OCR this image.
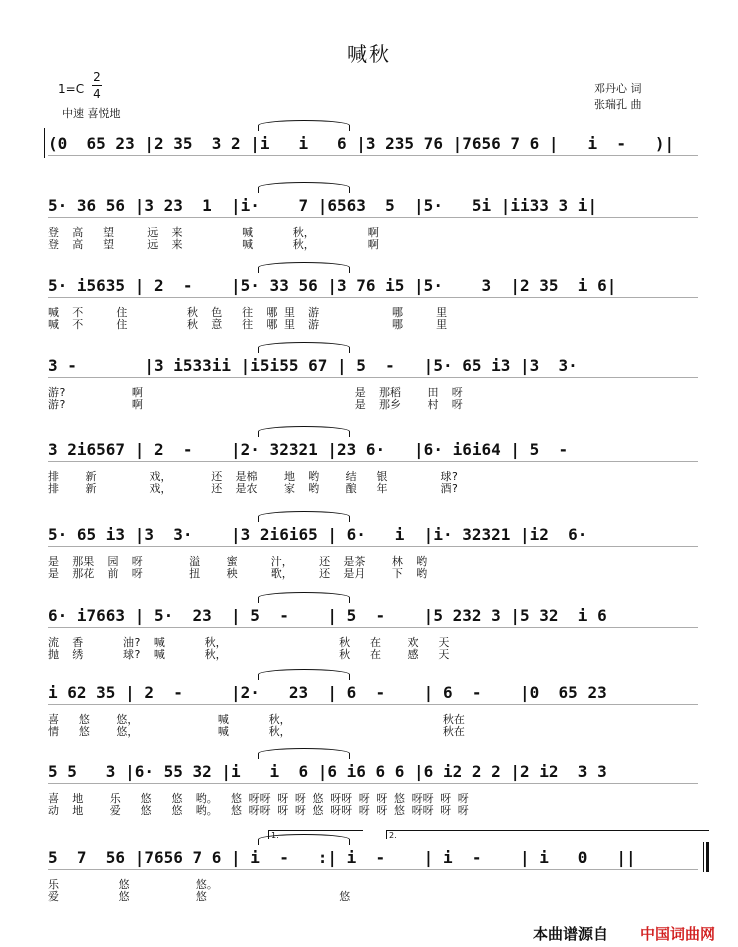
喊秋
1=C
2
4
中速 喜悦地
邓丹心 词
张瑞孔 曲
(0  65 23 |2 35  3 2 |i   i   6 |3 235 76 |7656 7 6 |   i  -   )|
5· 36 56 |3 23  1  |i·    7 |6563  5  |5·   5i |ii33 3 i|
登  高   望     远  来         喊      秋，        啊
登  高   望     远  来         喊      秋，        啊
5· i5635 | 2  -    |5· 33 56 |3 76 i5 |5·    3  |2 35  i 6|
喊  不     住         秋  色   往  哪 里  游           哪     里
喊  不     住         秋  意   往  哪 里  游           哪     里
3 -       |3 i533ii |i5i55 67 | 5  -   |5· 65 i3 |3  3·
游?          啊                                是  那稻    田  呀
游?          啊                                是  那乡    村  呀
3 2i6567 | 2  -    |2· 32321 |23 6·   |6· i6i64 | 5  -
排    新        戏，      还  是棉    地  哟    结   银        球?
排    新        戏，      还  是农    家  哟    酿   年        酒?
5· 65 i3 |3  3·    |3 2i6i65 | 6·   i  |i· 32321 |i2  6·
是  那果  园  呀       溢    蜜     汁，    还  是茶    林  哟
是  那花  前  呀       扭    秧     歌，    还  是月    下  哟
6· i7663 | 5·  23  | 5  -    | 5  -    |5 232 3 |5 32  i 6
流  香      油?  喊      秋，                 秋   在    欢   天
抛  绣      球?  喊      秋，                 秋   在    感   天
i 62 35 | 2  -     |2·   23  | 6  -    | 6  -    |0  65 23
喜   悠    悠，            喊      秋，                       秋在
情   悠    悠，            喊      秋，                       秋在
5 5   3 |6· 55 32 |i   i  6 |6 i6 6 6 |6 i2 2 2 |2 i2  3 3
喜  地    乐   悠   悠  哟。  悠 呀呀 呀 呀 悠 呀呀 呀 呀 悠 呀呀 呀 呀
动  地    爱   悠   悠  哟。  悠 呀呀 呀 呀 悠 呀呀 呀 呀 悠 呀呀 呀 呀
5  7  56 |7656 7 6 | i  -   :| i  -    | i  -    | i   0   ||
乐         悠          悠。
爱         悠          悠                    悠
1.	2.
本曲谱源自 中国词曲网
